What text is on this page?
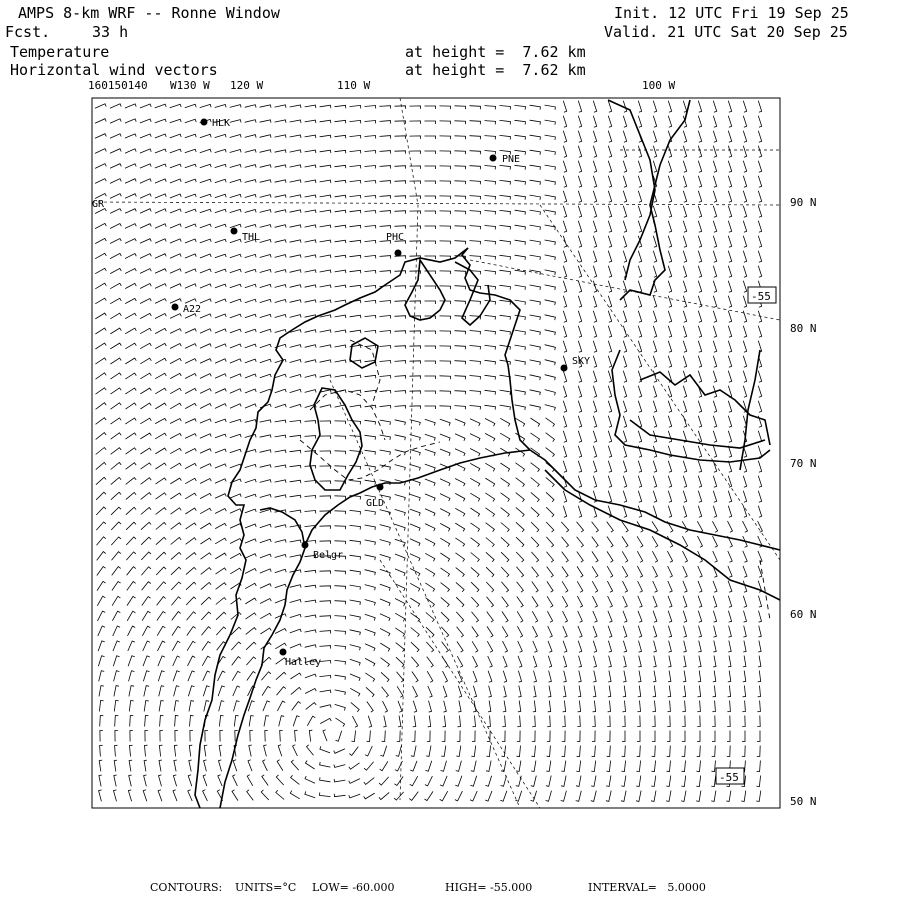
AMPS 8-km WRF -- Ronne Window
Fcst.	33 h
Temperature
Horizontal wind vectors
at height =  7.62 km
at height =  7.62 km
Init. 12 UTC Fri 19 Sep 25
Valid. 21 UTC Sat 20 Sep 25
160150140 W130 W 120 W	110 W	100 W
90 N
80 N
70 N
60 N
50 N
GR
-55
-55
HLK
PNE
THL	PHC
A22
SKY
GLD
Belgr
Halley
CONTOURS: UNITS=°C LOW= -60.000	HIGH= -55.000	INTERVAL=   5.0000
